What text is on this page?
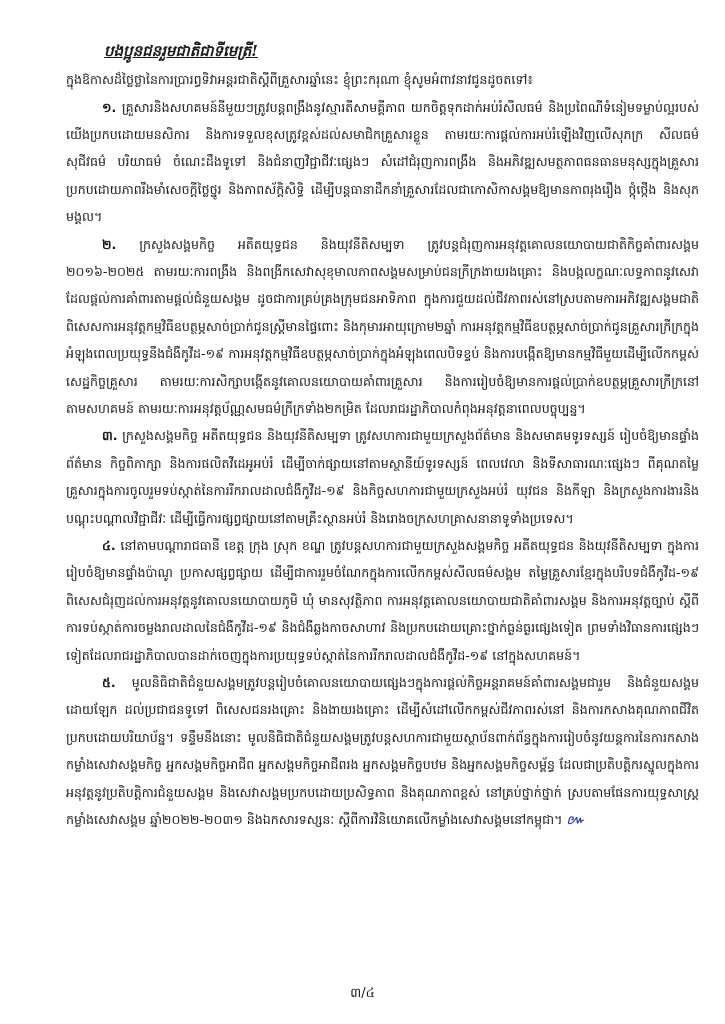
បងប្អូនជនរួមជាតិជាទីមេត្រី!

ក្នុងឱកាសដ៏ថ្លៃថ្លានៃការប្រារព្ធទិវាអន្តរជាតិស្តីពីគ្រួសារឆ្នាំនេះ ខ្ញុំព្រះករុណា ខ្ញុំសូមអំពាវនាវជូនដូចតទៅ៖

១. គ្រួសារនិងសហគមន៍នីមួយៗត្រូវបន្តពង្រឹងនូវស្មារតីសាមគ្គីភាព យកចិត្តទុកដាក់អប់រំសីលធម៌ និងប្រពៃណីទំនៀមទម្លាប់ល្អរបស់យើងប្រកបដោយមនសិការ និងការទទួលខុសត្រូវខ្ពស់ដល់សមាជិកគ្រួសារខ្លួន តាមរយៈការផ្តល់ការអប់រំឡើងវិញលើសុភក្រ សីលធម៌ សុជីវធម៌ បរិយាធម៌ ចំណេះដឹងទូទៅ និងជំនាញវិជ្ជាជីវៈផ្សេងៗ សំដៅជំរុញការពង្រឹង និងអភិវឌ្ឍសមត្ថភាពធនធានមនុស្សក្នុងគ្រួសារប្រកបដោយភាពរឹងមាំសេចក្តីថ្លៃថ្នូរ និងភាពស័ក្តិសិទ្ធិ ដើម្បីបន្តធានាដឹកនាំគ្រួសារដែលជាកោសិកាសង្គមឱ្យមានភាពរុងរឿង ថ្កុំថ្កើង និងសុភមង្គល។

២. ក្រសួងសង្គមកិច្ច អតីតយុទ្ធជន និងយុវនីតិសម្បទា ត្រូវបន្តជំរុញការអនុវត្តគោលនយោបាយជាតិកិច្ចគាំពារសង្គម ២០១៦-២០២៥ តាមរយៈការពង្រឹង និងពង្រីកសេវាសុខុមាលភាពសង្គមសម្រាប់ជនក្រីក្រងាយរងគ្រោះ និងបង្កលក្ខណៈលទ្ធភាពនូវសេវាដែលផ្តល់ការគាំពារតាមផ្តល់ជំនួយសង្គម ដូចជាការគ្រប់គ្រងក្រុមជនអាទិភាព ក្នុងការជួយដល់ជីវភាពរស់នៅស្របតាមការអភិវឌ្ឍសង្គមជាតិ ពិសេសការអនុវត្តកម្មវិធីឧបត្ថម្ភសាច់ប្រាក់ជូនស្ត្រីមានផ្ទៃពោះ និងកុមារអាយុក្រោម២ឆ្នាំ ការអនុវត្តកម្មវិធីឧបត្ថម្ភសាច់ប្រាក់ជូនគ្រួសារក្រីក្រក្នុងអំឡុងពេលប្រយុទ្ធនឹងជំងឺកូវីដ-១៩ ការអនុវត្តកម្មវិធីឧបត្ថម្ភសាច់ប្រាក់ក្នុងអំឡុងពេលបិទខ្ទប់ និងការបង្កើតឱ្យមានកម្មវិធីមួយដើម្បីលើកកម្ពស់សេដ្ឋកិច្ចគ្រួសារ តាមរយៈការសិក្សាបង្កើតនូវគោលនយោបាយគាំពារគ្រួសារ និងការរៀបចំឱ្យមានការផ្តល់ប្រាក់ឧបត្ថម្ភគ្រួសារក្រីក្រនៅតាមសហគមន៍ តាមរយៈការអនុវត្តប័ណ្ណសមធម៌ក្រីក្រទាំង២កម្រិត ដែលរាជរដ្ឋាភិបាលកំពុងអនុវត្តនាពេលបច្ចុប្បន្ន។

៣. ក្រសួងសង្គមកិច្ច អតីតយុទ្ធជន និងយុវនីតិសម្បទា ត្រូវសហការជាមួយក្រសួងព័ត៌មាន និងសមាគមទូរទស្សន៍ រៀបចំឱ្យមានផ្ទាំងព័ត៌មាន កិច្ចពិភាក្សា និងការផលិតវីដេអូអប់រំ ដើម្បីចាក់ផ្សាយនៅតាមស្ថានីយ៍ទូរទស្សន៍ ពេលវេលា និងទីសាធារណៈផ្សេងៗ ពីគុណតម្លៃគ្រួសារក្នុងការចូលរួមទប់ស្កាត់នៃការរីករាលដាលជំងឺកូវីដ-១៩ និងកិច្ចសហការជាមួយក្រសួងអប់រំ យុវជន និងកីឡា និងក្រសួងការងារនិងបណ្តុះបណ្តាលវិជ្ជាជីវៈ ដើម្បីធ្វើការផ្សព្វផ្សាយនៅតាមគ្រឹះស្ថានអប់រំ និងរោងចក្រសហគ្រាសនានាទូទាំងប្រទេស។

៤. នៅតាមបណ្តារាជធានី ខេត្ត ក្រុង ស្រុក ខណ្ឌ ត្រូវបន្តសហការជាមួយក្រសួងសង្គមកិច្ច អតីតយុទ្ធជន និងយុវនីតិសម្បទា ក្នុងការរៀបចំឱ្យមានផ្ទាំងប៉ាណូ ប្រកាសផ្សព្វផ្សាយ ដើម្បីជាការរួមចំណែកក្នុងការលើកកម្ពស់សីលធម៌សង្គម តម្លៃគ្រួសារខ្មែរក្នុងបរិបទជំងឺកូវីដ-១៩ ពិសេសជំរុញដល់ការអនុវត្តនូវគោលនយោបាយភូមិ ឃុំ មានសុវត្ថិភាព ការអនុវត្តគោលនយោបាយជាតិគាំពារសង្គម និងការអនុវត្តច្បាប់ ស្តីពីការទប់ស្កាត់ការចម្លងរាលដាលនៃជំងឺកូវីដ-១៩ និងជំងឺឆ្លងកាចសាហាវ និងប្រកបដោយគ្រោះថ្នាក់ធ្ងន់ធ្ងរផ្សេងទៀត ព្រមទាំងវិធានការផ្សេងៗទៀតដែលរាជរដ្ឋាភិបាលបានដាក់ចេញក្នុងការប្រយុទ្ធទប់ស្កាត់នៃការរីករាលដាលជំងឺកូវីដ-១៩ នៅក្នុងសហគមន៍។

៥. មូលនិធិជាតិជំនួយសង្គមត្រូវបន្តរៀបចំគោលនយោបាយផ្សេងៗក្នុងការផ្តល់កិច្ចអន្តរាគមន៍គាំពារសង្គមជារួម និងជំនួយសង្គមដោយឡែក ដល់ប្រជាជនទូទៅ ពិសេសជនរងគ្រោះ និងងាយរងគ្រោះ ដើម្បីសំដៅលើកកម្ពស់ជីវភាពរស់នៅ និងការកសាងគុណភាពជីវិតប្រកបដោយបរិយាប័ន្ន។ ទន្ទឹមនឹងនោះ មូលនិធិជាតិជំនួយសង្គមត្រូវបន្តសហការជាមួយស្ថាប័នពាក់ព័ន្ធក្នុងការរៀបចំនូវយន្តការនៃការកសាងកម្លាំងសេវាសង្គមកិច្ច អ្នកសង្គមកិច្ចអាជីព អ្នកសង្គមកិច្ចអាជីពរង អ្នកសង្គមកិច្ចបឋម និងអ្នកសង្គមកិច្ចសម្ព័ន្ធ ដែលជាប្រតិបត្តិករស្នូលក្នុងការអនុវត្តនូវប្រតិបត្តិការជំនួយសង្គម និងសេវាសង្គមប្រកបដោយប្រសិទ្ធភាព និងគុណភាពខ្ពស់ នៅគ្រប់ថ្នាក់ថ្នាក់ ស្របតាមផែនការយុទ្ធសាស្រ្តកម្លាំងសេវាសង្គម ឆ្នាំ២០២២-២០៣១ និងឯកសារទស្សនៈ ស្តីពីការវិនិយោគលើកម្លាំងសេវាសង្គមនៅកម្ពុជា។ ៚

៣/៤
